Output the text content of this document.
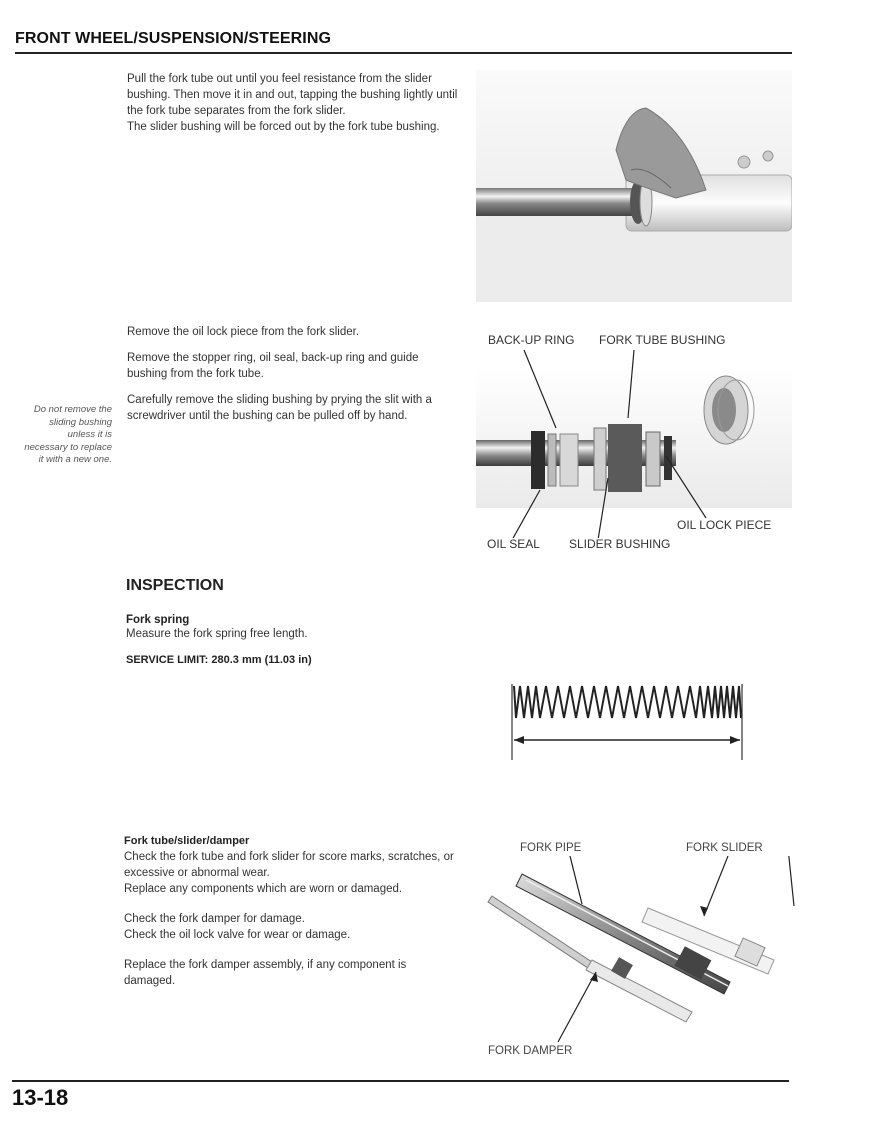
FRONT WHEEL/SUSPENSION/STEERING

Pull the fork tube out until you feel resistance from the slider bushing. Then move it in and out, tapping the bushing lightly until the fork tube separates from the fork slider.

The slider bushing will be forced out by the fork tube bushing.

Remove the oil lock piece from the fork slider.

Remove the stopper ring, oil seal, back-up ring and guide bushing from the fork tube.

Carefully remove the sliding bushing by prying the slit with a screwdriver until the bushing can be pulled off by hand.

Do not remove the sliding bushing unless it is necessary to replace it with a new one.
BACK-UP RING FORK TUBE BUSHING
OIL LOCK PIECE
OIL SEAL SLIDER BUSHING
INSPECTION
Fork spring
Measure the fork spring free length.
SERVICE LIMIT: 280.3 mm (11.03 in)
Fork tube/slider/damper

Check the fork tube and fork slider for score marks, scratches, or excessive or abnormal wear.

Replace any components which are worn or damaged.

Check the fork damper for damage.

Check the oil lock valve for wear or damage.

Replace the fork damper assembly, if any component is damaged.

FORK PIPE	FORK SLIDER
FORK DAMPER
13-18
